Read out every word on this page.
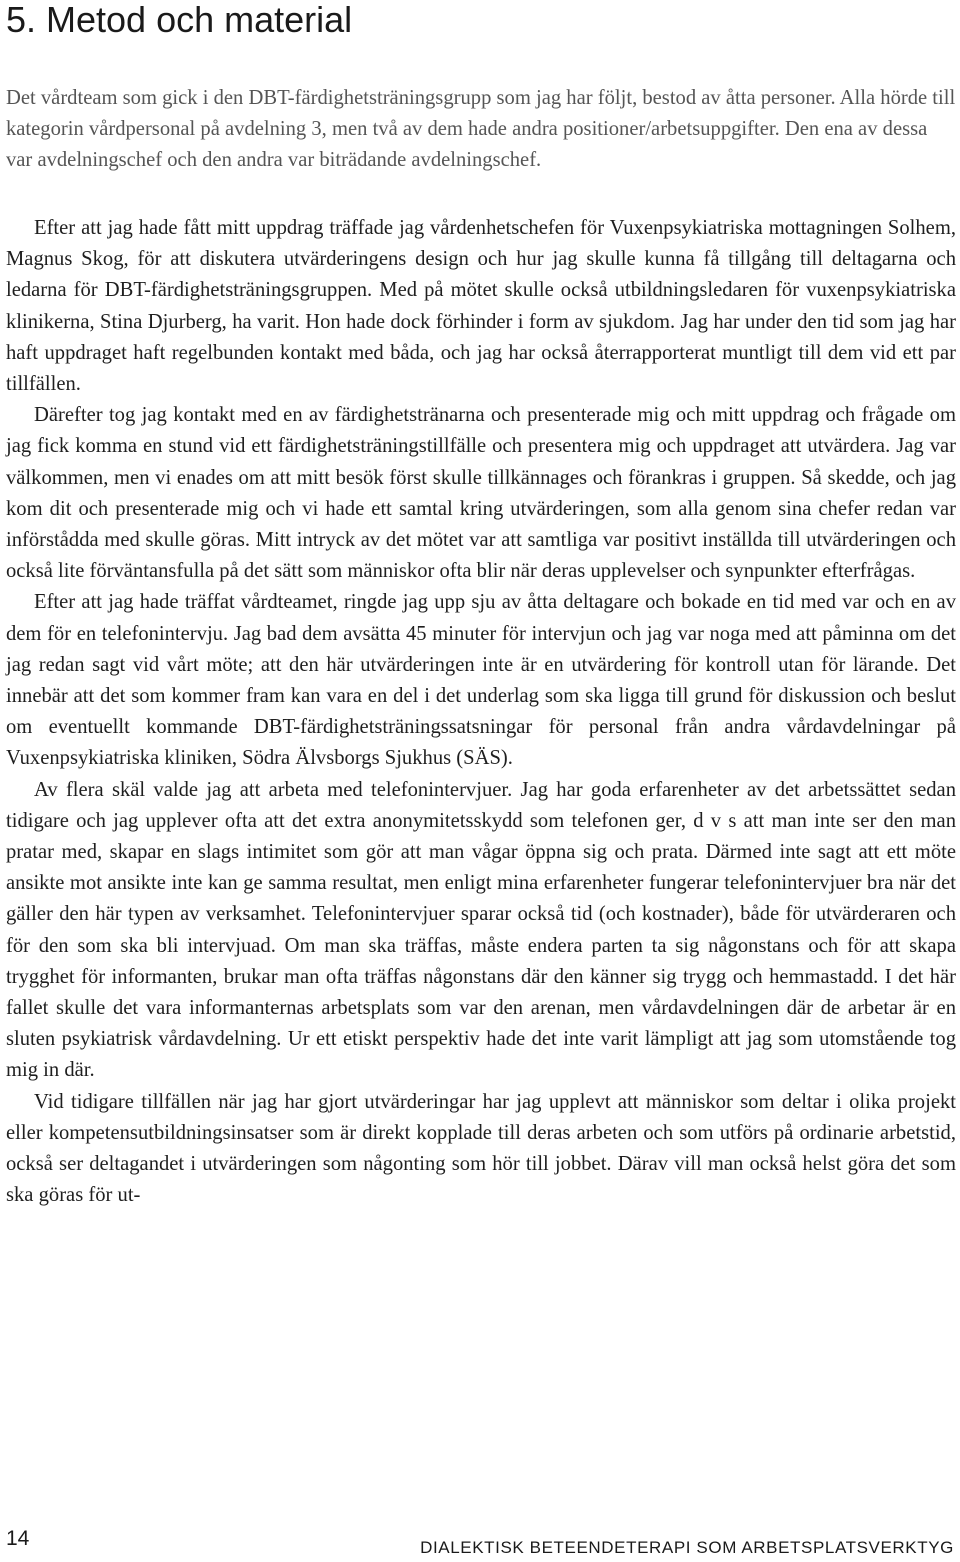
5. Metod och material

Det vårdteam som gick i den DBT-färdighetsträningsgrupp som jag har följt, bestod av åtta personer. Alla hörde till kategorin vårdpersonal på avdelning 3, men två av dem hade andra positioner/arbetsuppgifter. Den ena av dessa var avdelningschef och den andra var biträdande avdelningschef.

Efter att jag hade fått mitt uppdrag träffade jag vårdenhetschefen för Vuxenpsykiatriska mottagningen Solhem, Magnus Skog, för att diskutera utvärderingens design och hur jag skulle kunna få tillgång till deltagarna och ledarna för DBT-färdighetsträningsgruppen. Med på mötet skulle också utbildningsledaren för vuxenpsykiatriska klinikerna, Stina Djurberg, ha varit. Hon hade dock förhinder i form av sjukdom. Jag har under den tid som jag har haft uppdraget haft regelbunden kontakt med båda, och jag har också återrapporterat muntligt till dem vid ett par tillfällen.

Därefter tog jag kontakt med en av färdighetstränarna och presenterade mig och mitt uppdrag och frågade om jag fick komma en stund vid ett färdighetsträningstillfälle och presentera mig och uppdraget att utvärdera. Jag var välkommen, men vi enades om att mitt besök först skulle tillkännages och förankras i gruppen. Så skedde, och jag kom dit och presenterade mig och vi hade ett samtal kring utvärderingen, som alla genom sina chefer redan var införstådda med skulle göras. Mitt intryck av det mötet var att samtliga var positivt inställda till utvärderingen och också lite förväntansfulla på det sätt som människor ofta blir när deras upplevelser och synpunkter efterfrågas.

Efter att jag hade träffat vårdteamet, ringde jag upp sju av åtta deltagare och bokade en tid med var och en av dem för en telefonintervju. Jag bad dem avsätta 45 minuter för intervjun och jag var noga med att påminna om det jag redan sagt vid vårt möte; att den här utvärderingen inte är en utvärdering för kontroll utan för lärande. Det innebär att det som kommer fram kan vara en del i det underlag som ska ligga till grund för diskussion och beslut om eventuellt kommande DBT-färdighetsträningssatsningar för personal från andra vårdavdelningar på Vuxenpsykiatriska kliniken, Södra Älvsborgs Sjukhus (SÄS).

Av flera skäl valde jag att arbeta med telefonintervjuer. Jag har goda erfarenheter av det arbetssättet sedan tidigare och jag upplever ofta att det extra anonymitetsskydd som telefonen ger, d v s att man inte ser den man pratar med, skapar en slags intimitet som gör att man vågar öppna sig och prata. Därmed inte sagt att ett möte ansikte mot ansikte inte kan ge samma resultat, men enligt mina erfarenheter fungerar telefonintervjuer bra när det gäller den här typen av verksamhet. Telefonintervjuer sparar också tid (och kostnader), både för utvärderaren och för den som ska bli intervjuad. Om man ska träffas, måste endera parten ta sig någonstans och för att skapa trygghet för informanten, brukar man ofta träffas någonstans där den känner sig trygg och hemmastadd. I det här fallet skulle det vara informanternas arbetsplats som var den arenan, men vårdavdelningen där de arbetar är en sluten psykiatrisk vårdavdelning. Ur ett etiskt perspektiv hade det inte varit lämpligt att jag som utomstående tog mig in där.

Vid tidigare tillfällen när jag har gjort utvärderingar har jag upplevt att människor som deltar i olika projekt eller kompetensutbildningsinsatser som är direkt kopplade till deras arbeten och som utförs på ordinarie arbetstid, också ser deltagandet i utvärderingen som någonting som hör till jobbet. Därav vill man också helst göra det som ska göras för ut-

14	DIALEKTISK BETEENDETERAPI SOM ARBETSPLATSVERKTYG
